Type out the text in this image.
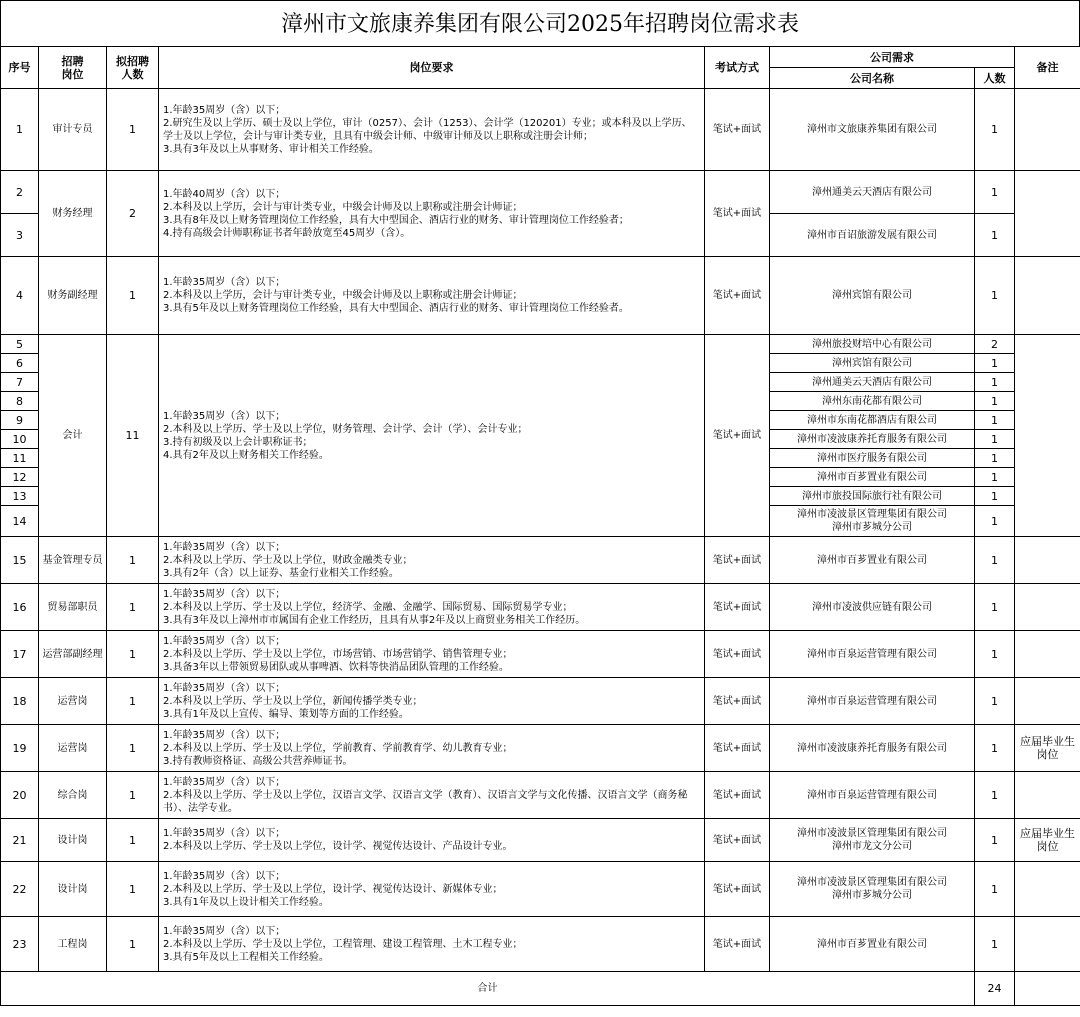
漳州市文旅康养集团有限公司2025年招聘岗位需求表
序号	招聘
岗位	拟招聘
人数	岗位要求	考试方式	公司需求		备注
					公司名称	人数	
1	审计专员	1	1.年龄35周岁（含）以下；
2.研究生及以上学历、硕士及以上学位，审计（0257）、会计（1253）、会计学（120201）专业；或本科及以上学历、学士及以上学位，会计与审计类专业，且具有中级会计师、中级审计师及以上职称或注册会计师；
3.具有3年及以上从事财务、审计相关工作经验。	笔试+面试	漳州市文旅康养集团有限公司	1	
2	财务经理	2	1.年龄40周岁（含）以下；
2.本科及以上学历，会计与审计类专业，中级会计师及以上职称或注册会计师证；
3.具有8年及以上财务管理岗位工作经验，具有大中型国企、酒店行业的财务、审计管理岗位工作经验者；
4.持有高级会计师职称证书者年龄放宽至45周岁（含）。	笔试+面试	漳州通美云天酒店有限公司	1	
3					漳州市百诏旅游发展有限公司	1	
4	财务副经理	1	1.年龄35周岁（含）以下；
2.本科及以上学历，会计与审计类专业，中级会计师及以上职称或注册会计师证；
3.具有5年及以上财务管理岗位工作经验，具有大中型国企、酒店行业的财务、审计管理岗位工作经验者。	笔试+面试	漳州宾馆有限公司	1	
5	会计	11	1.年龄35周岁（含）以下；
2.本科及以上学历、学士及以上学位，财务管理、会计学、会计（学）、会计专业；
3.持有初级及以上会计职称证书；
4.具有2年及以上财务相关工作经验。	笔试+面试	漳州旅投财培中心有限公司	2	
6					漳州宾馆有限公司	1	
7					漳州通美云天酒店有限公司	1	
8					漳州东南花都有限公司	1	
9					漳州市东南花都酒店有限公司	1	
10					漳州市凌波康养托育服务有限公司	1	
11					漳州市医疗服务有限公司	1	
12					漳州市百芗置业有限公司	1	
13					漳州市旅投国际旅行社有限公司	1	
14					漳州市凌波景区管理集团有限公司
漳州市芗城分公司	1	
15	基金管理专员	1	1.年龄35周岁（含）以下；
2.本科及以上学历、学士及以上学位，财政金融类专业；
3.具有2年（含）以上证券、基金行业相关工作经验。	笔试+面试	漳州市百芗置业有限公司	1	
16	贸易部职员	1	1.年龄35周岁（含）以下；
2.本科及以上学历、学士及以上学位，经济学、金融、金融学、国际贸易、国际贸易学专业；
3.具有3年及以上漳州市市属国有企业工作经历，且具有从事2年及以上商贸业务相关工作经历。	笔试+面试	漳州市凌波供应链有限公司	1	
17	运营部副经理	1	1.年龄35周岁（含）以下；
2.本科及以上学历、学士及以上学位，市场营销、市场营销学、销售管理专业；
3.具备3年以上带领贸易团队或从事啤酒、饮料等快消品团队管理的工作经验。	笔试+面试	漳州市百泉运营管理有限公司	1	
18	运营岗	1	1.年龄35周岁（含）以下；
2.本科及以上学历、学士及以上学位，新闻传播学类专业；
3.具有1年及以上宣传、编导、策划等方面的工作经验。	笔试+面试	漳州市百泉运营管理有限公司	1	
19	运营岗	1	1.年龄35周岁（含）以下；
2.本科及以上学历、学士及以上学位，学前教育、学前教育学、幼儿教育专业；
3.持有教师资格证、高级公共营养师证书。	笔试+面试	漳州市凌波康养托育服务有限公司	1	应届毕业生岗位
20	综合岗	1	1.年龄35周岁（含）以下；
2.本科及以上学历、学士及以上学位，汉语言文学、汉语言文学（教育）、汉语言文学与文化传播、汉语言文学（商务秘书）、法学专业。	笔试+面试	漳州市百泉运营管理有限公司	1	
21	设计岗	1	1.年龄35周岁（含）以下；
2.本科及以上学历、学士及以上学位，设计学、视觉传达设计、产品设计专业。	笔试+面试	漳州市凌波景区管理集团有限公司
漳州市龙文分公司	1	应届毕业生岗位
22	设计岗	1	1.年龄35周岁（含）以下；
2.本科及以上学历、学士及以上学位，设计学、视觉传达设计、新媒体专业；
3.具有1年及以上设计相关工作经验。	笔试+面试	漳州市凌波景区管理集团有限公司
漳州市芗城分公司	1	
23	工程岗	1	1.年龄35周岁（含）以下；
2.本科及以上学历、学士及以上学位，工程管理、建设工程管理、土木工程专业；
3.具有5年及以上工程相关工作经验。	笔试+面试	漳州市百芗置业有限公司	1	
合计						24	
